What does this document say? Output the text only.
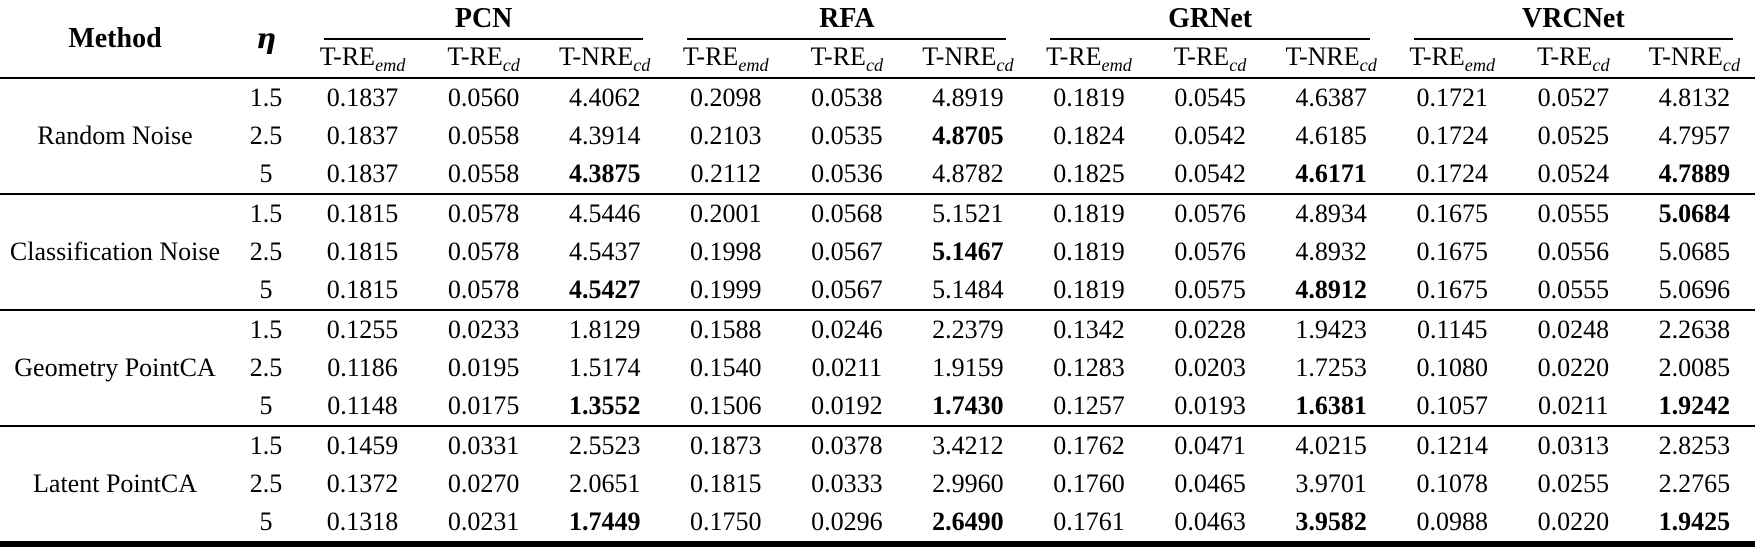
Method	η	PCN			RFA			GRNet			VRCNet		

		$T-RE_{emd}$	$T-RE_{cd}$	$T-NRE_{cd}$	$T-RE_{emd}$	$T-RE_{cd}$	$T-NRE_{cd}$	$T-RE_{emd}$	$T-RE_{cd}$	$T-NRE_{cd}$	$T-RE_{emd}$	$T-RE_{cd}$	$T-NRE_{cd}$
Random Noise	1.5	0.1837	0.0560	4.4062	0.2098	0.0538	4.8919	0.1819	0.0545	4.6387	0.1721	0.0527	4.8132
	2.5	0.1837	0.0558	4.3914	0.2103	0.0535	4.8705	0.1824	0.0542	4.6185	0.1724	0.0525	4.7957
	5	0.1837	0.0558	4.3875	0.2112	0.0536	4.8782	0.1825	0.0542	4.6171	0.1724	0.0524	4.7889
Classification Noise	1.5	0.1815	0.0578	4.5446	0.2001	0.0568	5.1521	0.1819	0.0576	4.8934	0.1675	0.0555	5.0684
	2.5	0.1815	0.0578	4.5437	0.1998	0.0567	5.1467	0.1819	0.0576	4.8932	0.1675	0.0556	5.0685
	5	0.1815	0.0578	4.5427	0.1999	0.0567	5.1484	0.1819	0.0575	4.8912	0.1675	0.0555	5.0696
Geometry PointCA	1.5	0.1255	0.0233	1.8129	0.1588	0.0246	2.2379	0.1342	0.0228	1.9423	0.1145	0.0248	2.2638
	2.5	0.1186	0.0195	1.5174	0.1540	0.0211	1.9159	0.1283	0.0203	1.7253	0.1080	0.0220	2.0085
	5	0.1148	0.0175	1.3552	0.1506	0.0192	1.7430	0.1257	0.0193	1.6381	0.1057	0.0211	1.9242
Latent PointCA	1.5	0.1459	0.0331	2.5523	0.1873	0.0378	3.4212	0.1762	0.0471	4.0215	0.1214	0.0313	2.8253
	2.5	0.1372	0.0270	2.0651	0.1815	0.0333	2.9960	0.1760	0.0465	3.9701	0.1078	0.0255	2.2765
	5	0.1318	0.0231	1.7449	0.1750	0.0296	2.6490	0.1761	0.0463	3.9582	0.0988	0.0220	1.9425
